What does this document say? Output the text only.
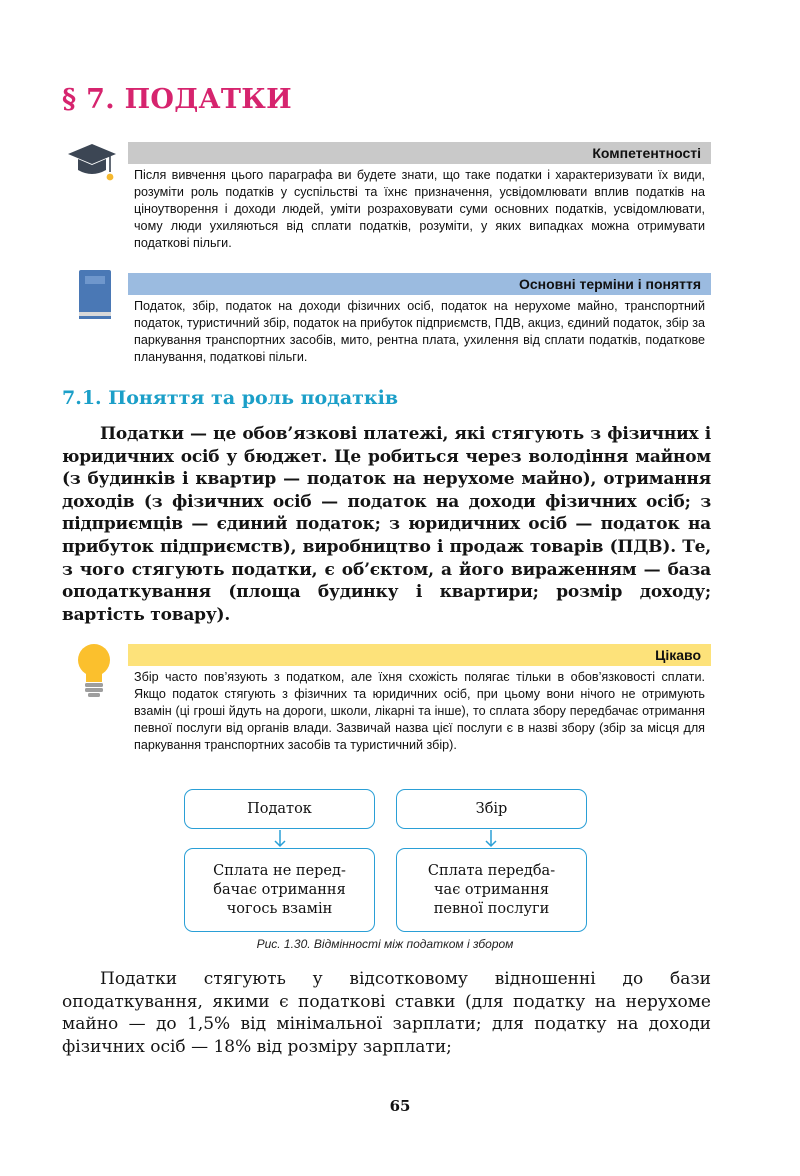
§ 7. ПОДАТКИ
Компетентності

Після вивчення цього параграфа ви будете знати, що таке податки і характеризувати їх види, розуміти роль податків у суспільстві та їхнє призначення, усвідомлювати вплив податків на ціноутворення і доходи людей, уміти розраховувати суми основних податків, усвідомлювати, чому люди ухиляються від сплати податків, розуміти, у яких випадках можна отримувати податкові пільги.

Основні терміни і поняття

Податок, збір, податок на доходи фізичних осіб, податок на нерухоме майно, транспортний податок, туристичний збір, податок на прибуток підприємств, ПДВ, акциз, єдиний податок, збір за паркування транспортних засобів, мито, рентна плата, ухилення від сплати податків, податкове планування, податкові пільги.

7.1. Поняття та роль податків

Податки — це обов’язкові платежі, які стягують з фізичних і юридичних осіб у бюджет. Це робиться через володіння майном (з будинків і квартир — податок на нерухоме майно), отримання доходів (з фізичних осіб — податок на доходи фізичних осіб; з підприємців — єдиний податок; з юридичних осіб — податок на прибуток підприємств), виробництво і продаж товарів (ПДВ). Те, з чого стягують податки, є об’єктом, а його вираженням — база оподаткування (площа будинку і квартири; розмір доходу; вартість товару).

Цікаво

Збір часто пов’язують з податком, але їхня схожість полягає тільки в обов’язковості сплати. Якщо податок стягують з фізичних та юридичних осіб, при цьому вони нічого не отримують взамін (ці гроші йдуть на дороги, школи, лікарні та інше), то сплата збору передбачає отримання певної послуги від органів влади. Зазвичай назва цієї послуги є в назві збору (збір за місця для паркування транспортних засобів та туристичний збір).

Податок	Збір
Сплата не перед-бачає отримання чогось взамін
Сплата передба-чає отримання певної послуги
Рис. 1.30. Відмінності між податком і збором

Податки стягують у відсотковому відношенні до бази оподаткування, якими є податкові ставки (для податку на нерухоме майно — до 1,5% від мінімальної зарплати; для податку на доходи фізичних осіб — 18% від розміру зарплати;

65
